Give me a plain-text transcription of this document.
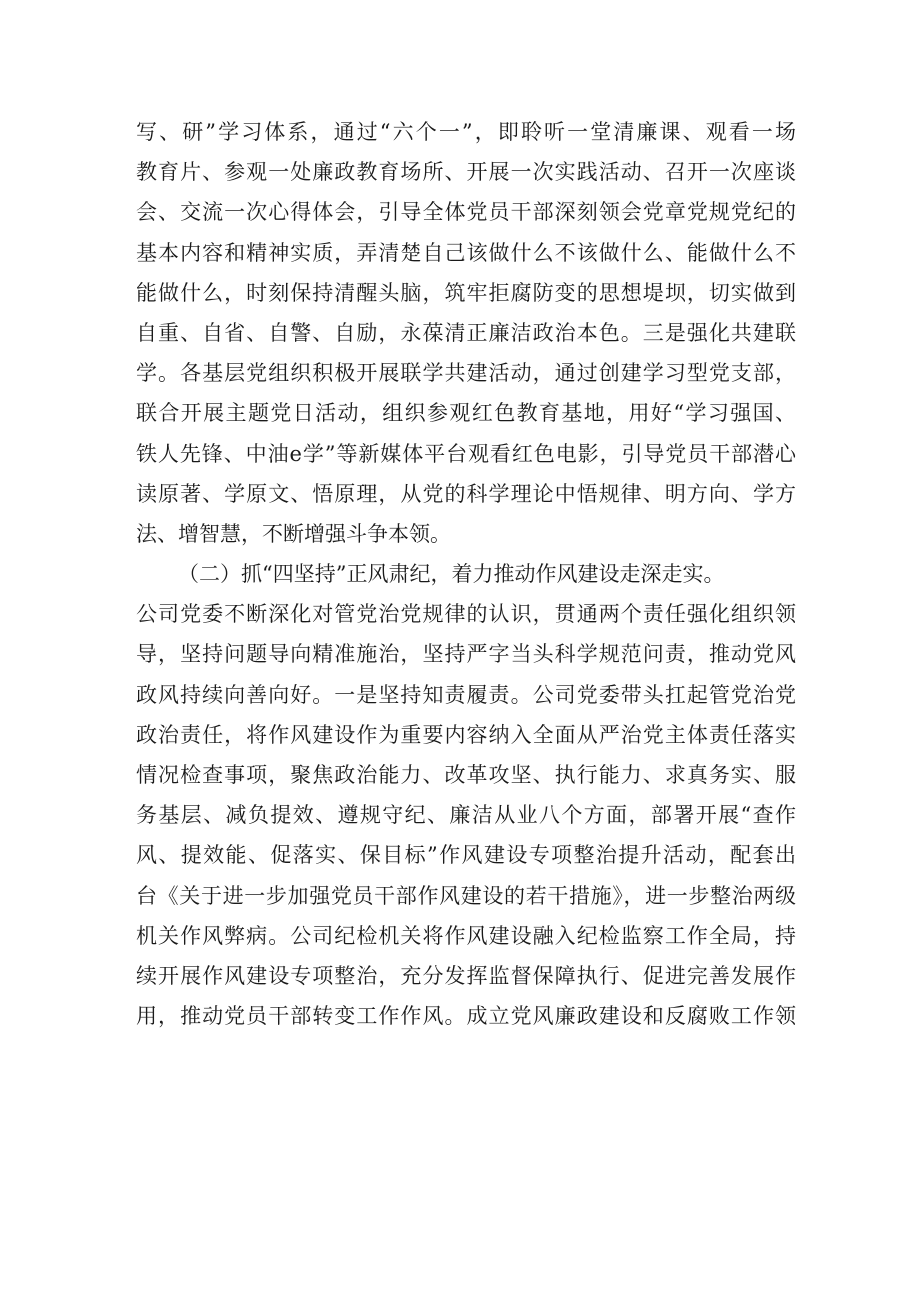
写、研”学习体系，通过“六个一”，即聆听一堂清廉课、观看一场
教育片、参观一处廉政教育场所、开展一次实践活动、召开一次座谈
会、交流一次心得体会，引导全体党员干部深刻领会党章党规党纪的
基本内容和精神实质，弄清楚自己该做什么不该做什么、能做什么不
能做什么，时刻保持清醒头脑，筑牢拒腐防变的思想堤坝，切实做到
自重、自省、自警、自励，永葆清正廉洁政治本色。三是强化共建联
学。各基层党组织积极开展联学共建活动，通过创建学习型党支部，
联合开展主题党日活动，组织参观红色教育基地，用好“学习强国、
铁人先锋、中油e学”等新媒体平台观看红色电影，引导党员干部潜心
读原著、学原文、悟原理，从党的科学理论中悟规律、明方向、学方
法、增智慧，不断增强斗争本领。
（二）抓“四坚持”正风肃纪，着力推动作风建设走深走实。
公司党委不断深化对管党治党规律的认识，贯通两个责任强化组织领
导，坚持问题导向精准施治，坚持严字当头科学规范问责，推动党风
政风持续向善向好。一是坚持知责履责。公司党委带头扛起管党治党
政治责任，将作风建设作为重要内容纳入全面从严治党主体责任落实
情况检查事项，聚焦政治能力、改革攻坚、执行能力、求真务实、服
务基层、减负提效、遵规守纪、廉洁从业八个方面，部署开展“查作
风、提效能、促落实、保目标”作风建设专项整治提升活动，配套出
台《关于进一步加强党员干部作风建设的若干措施》，进一步整治两级
机关作风弊病。公司纪检机关将作风建设融入纪检监察工作全局，持
续开展作风建设专项整治，充分发挥监督保障执行、促进完善发展作
用，推动党员干部转变工作作风。成立党风廉政建设和反腐败工作领
